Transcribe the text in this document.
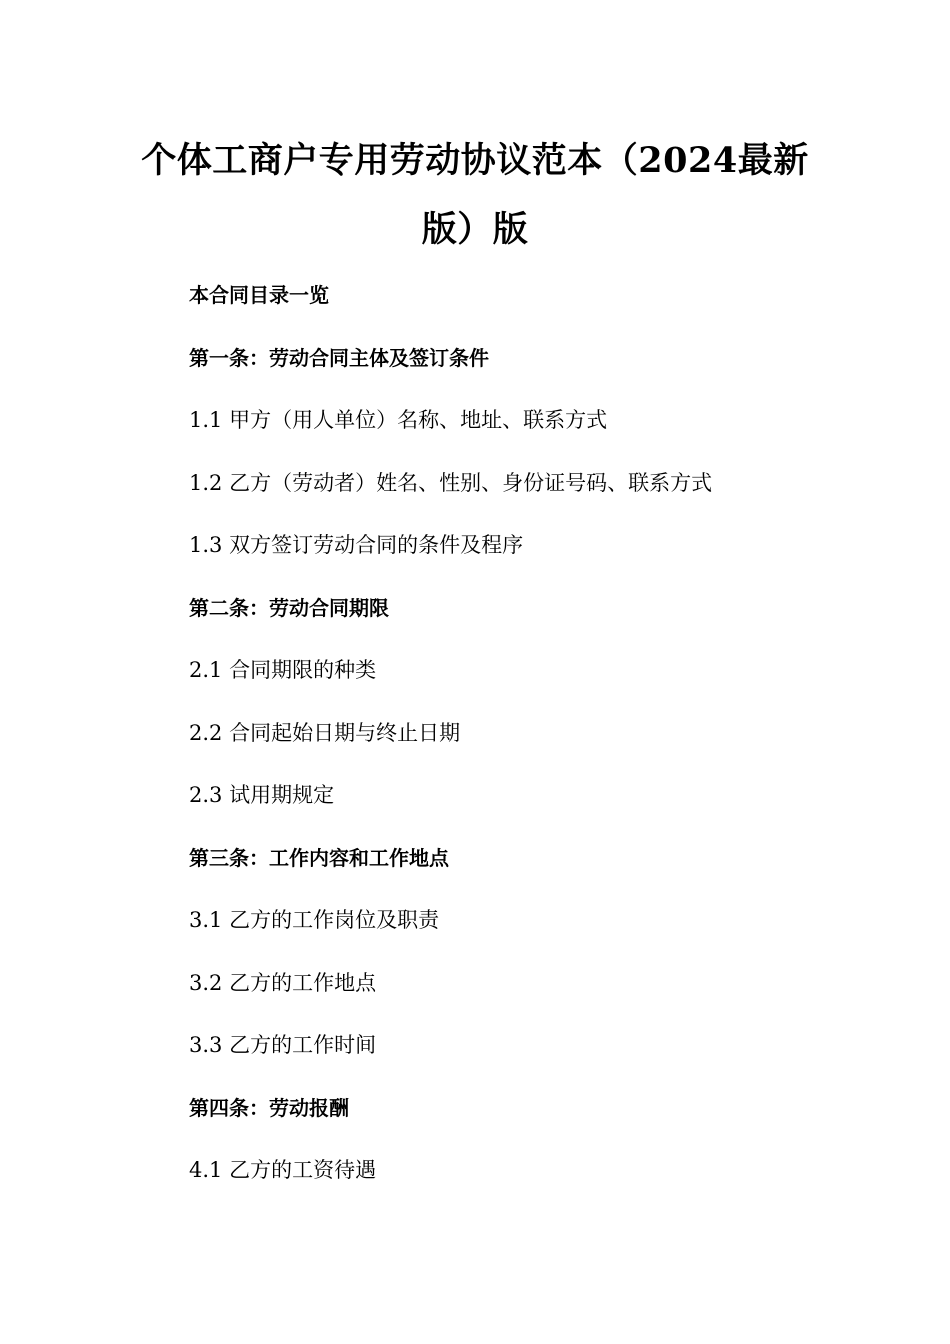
个体工商户专用劳动协议范本（2024最新版）版
本合同目录一览
第一条：劳动合同主体及签订条件
1.1 甲方（用人单位）名称、地址、联系方式
1.2 乙方（劳动者）姓名、性别、身份证号码、联系方式
1.3 双方签订劳动合同的条件及程序
第二条：劳动合同期限
2.1 合同期限的种类
2.2 合同起始日期与终止日期
2.3 试用期规定
第三条：工作内容和工作地点
3.1 乙方的工作岗位及职责
3.2 乙方的工作地点
3.3 乙方的工作时间
第四条：劳动报酬
4.1 乙方的工资待遇
